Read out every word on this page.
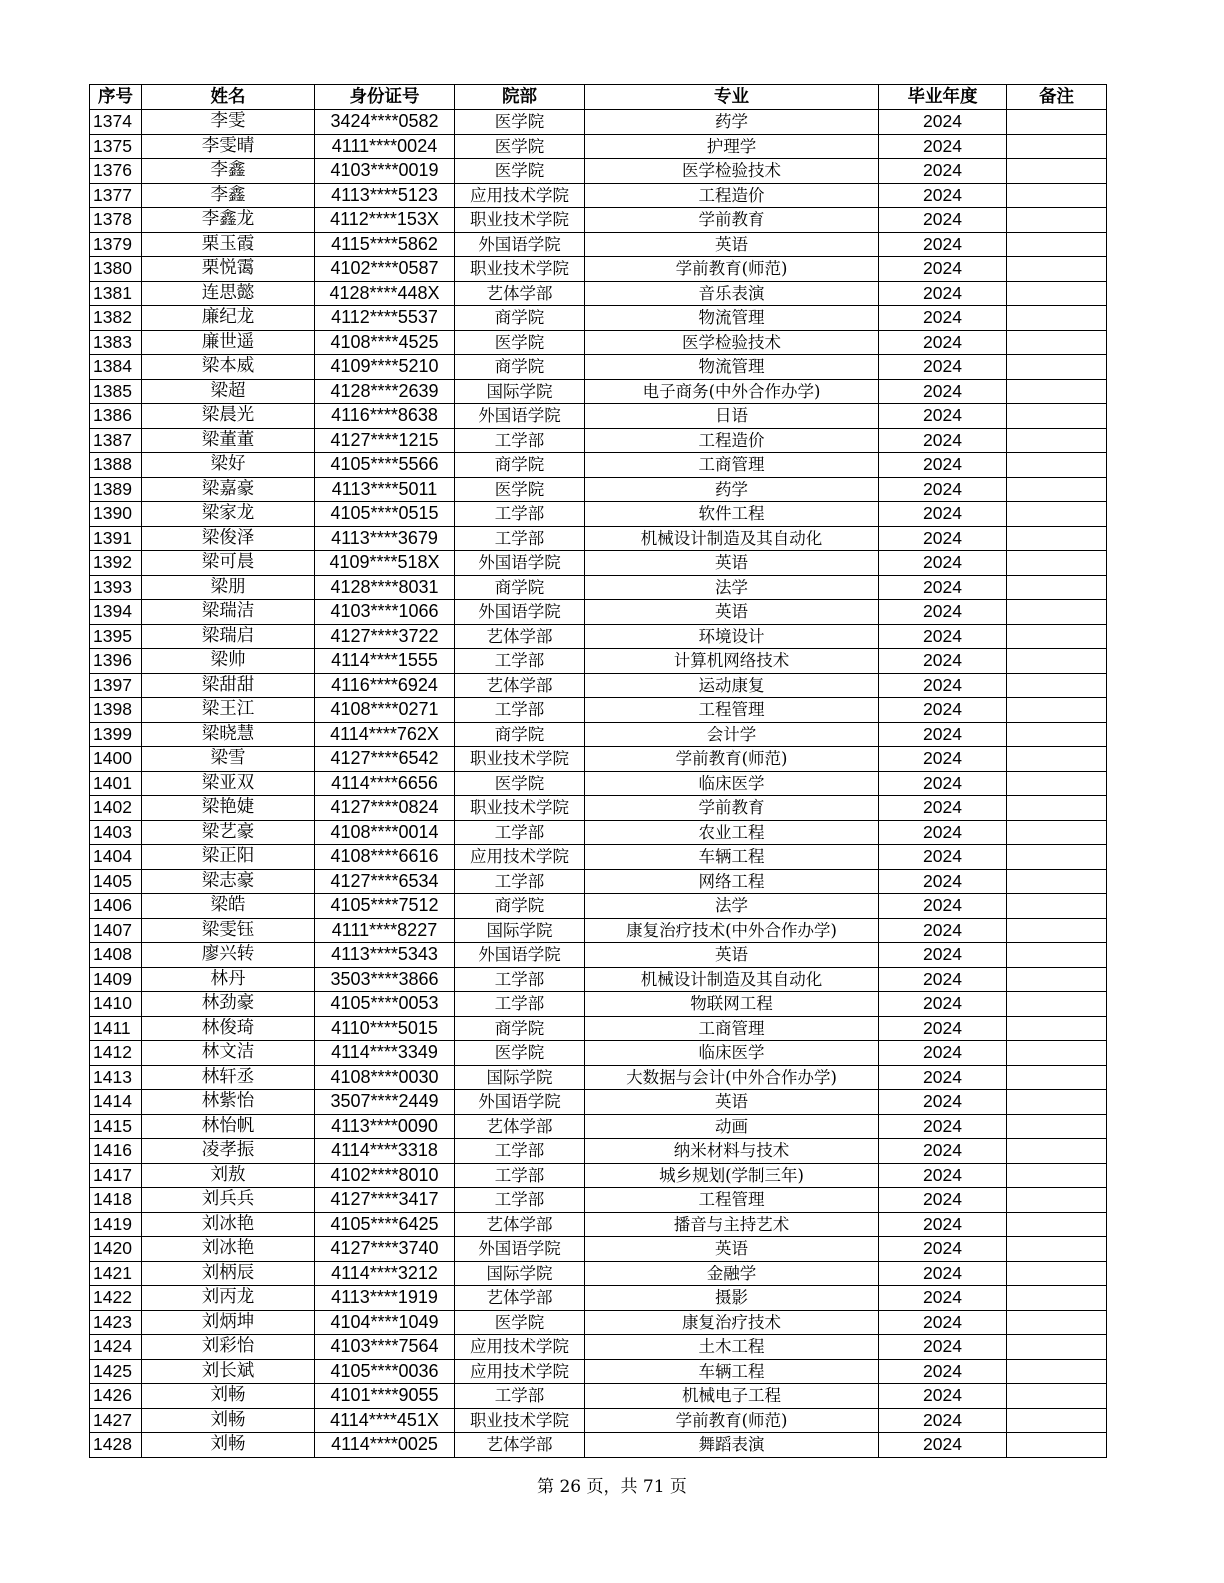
序号	姓名	身份证号	院部	专业	毕业年度	备注
1374	李雯	3424****0582	医学院	药学	2024	
1375	李雯晴	4111****0024	医学院	护理学	2024	
1376	李鑫	4103****0019	医学院	医学检验技术	2024	
1377	李鑫	4113****5123	应用技术学院	工程造价	2024	
1378	李鑫龙	4112****153X	职业技术学院	学前教育	2024	
1379	栗玉霞	4115****5862	外国语学院	英语	2024	
1380	栗悦霭	4102****0587	职业技术学院	学前教育(师范)	2024	
1381	连思懿	4128****448X	艺体学部	音乐表演	2024	
1382	廉纪龙	4112****5537	商学院	物流管理	2024	
1383	廉世遥	4108****4525	医学院	医学检验技术	2024	
1384	梁本威	4109****5210	商学院	物流管理	2024	
1385	梁超	4128****2639	国际学院	电子商务(中外合作办学)	2024	
1386	梁晨光	4116****8638	外国语学院	日语	2024	
1387	梁董董	4127****1215	工学部	工程造价	2024	
1388	梁好	4105****5566	商学院	工商管理	2024	
1389	梁嘉豪	4113****5011	医学院	药学	2024	
1390	梁家龙	4105****0515	工学部	软件工程	2024	
1391	梁俊泽	4113****3679	工学部	机械设计制造及其自动化	2024	
1392	梁可晨	4109****518X	外国语学院	英语	2024	
1393	梁朋	4128****8031	商学院	法学	2024	
1394	梁瑞洁	4103****1066	外国语学院	英语	2024	
1395	梁瑞启	4127****3722	艺体学部	环境设计	2024	
1396	梁帅	4114****1555	工学部	计算机网络技术	2024	
1397	梁甜甜	4116****6924	艺体学部	运动康复	2024	
1398	梁王江	4108****0271	工学部	工程管理	2024	
1399	梁晓慧	4114****762X	商学院	会计学	2024	
1400	梁雪	4127****6542	职业技术学院	学前教育(师范)	2024	
1401	梁亚双	4114****6656	医学院	临床医学	2024	
1402	梁艳婕	4127****0824	职业技术学院	学前教育	2024	
1403	梁艺豪	4108****0014	工学部	农业工程	2024	
1404	梁正阳	4108****6616	应用技术学院	车辆工程	2024	
1405	梁志豪	4127****6534	工学部	网络工程	2024	
1406	梁皓	4105****7512	商学院	法学	2024	
1407	梁雯钰	4111****8227	国际学院	康复治疗技术(中外合作办学)	2024	
1408	廖兴转	4113****5343	外国语学院	英语	2024	
1409	林丹	3503****3866	工学部	机械设计制造及其自动化	2024	
1410	林劲豪	4105****0053	工学部	物联网工程	2024	
1411	林俊琦	4110****5015	商学院	工商管理	2024	
1412	林文洁	4114****3349	医学院	临床医学	2024	
1413	林轩丞	4108****0030	国际学院	大数据与会计(中外合作办学)	2024	
1414	林紫怡	3507****2449	外国语学院	英语	2024	
1415	林怡帆	4113****0090	艺体学部	动画	2024	
1416	凌孝振	4114****3318	工学部	纳米材料与技术	2024	
1417	刘敖	4102****8010	工学部	城乡规划(学制三年)	2024	
1418	刘兵兵	4127****3417	工学部	工程管理	2024	
1419	刘冰艳	4105****6425	艺体学部	播音与主持艺术	2024	
1420	刘冰艳	4127****3740	外国语学院	英语	2024	
1421	刘柄辰	4114****3212	国际学院	金融学	2024	
1422	刘丙龙	4113****1919	艺体学部	摄影	2024	
1423	刘炳坤	4104****1049	医学院	康复治疗技术	2024	
1424	刘彩怡	4103****7564	应用技术学院	土木工程	2024	
1425	刘长斌	4105****0036	应用技术学院	车辆工程	2024	
1426	刘畅	4101****9055	工学部	机械电子工程	2024	
1427	刘畅	4114****451X	职业技术学院	学前教育(师范)	2024	
1428	刘畅	4114****0025	艺体学部	舞蹈表演	2024	
第 26 页，共 71 页
